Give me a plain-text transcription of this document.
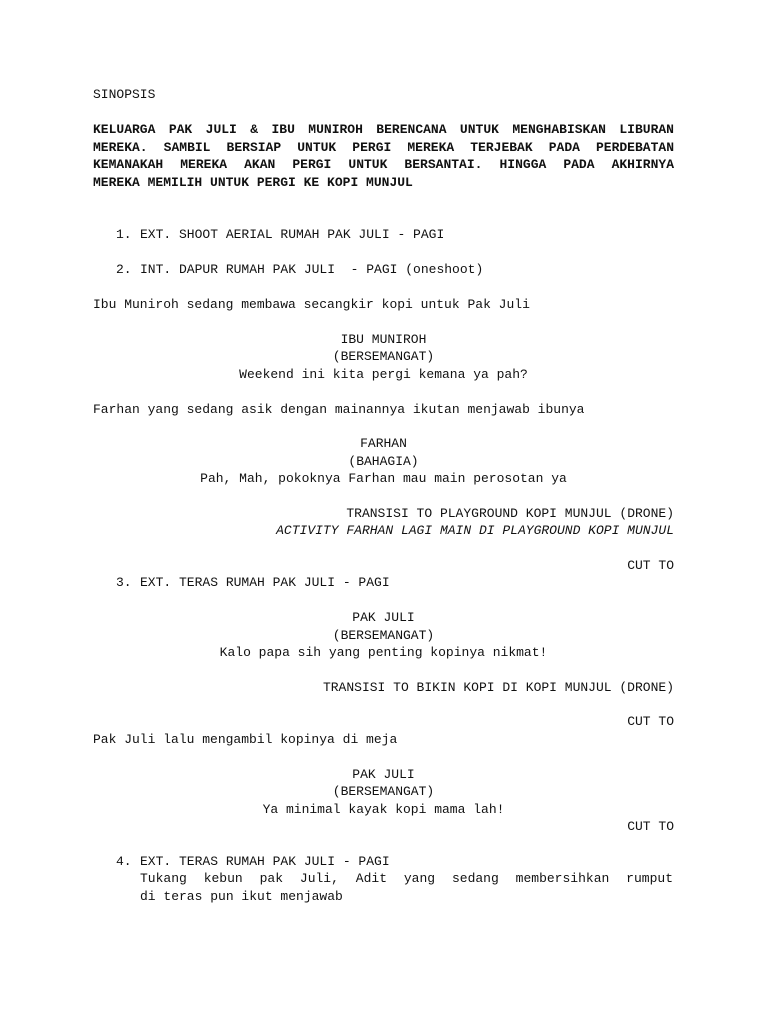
SINOPSIS
KELUARGA PAK JULI & IBU MUNIROH BERENCANA UNTUK MENGHABISKAN LIBURAN
MEREKA. SAMBIL BERSIAP UNTUK PERGI MEREKA TERJEBAK PADA PERDEBATAN
KEMANAKAH MEREKA AKAN PERGI UNTUK BERSANTAI. HINGGA PADA AKHIRNYA
MEREKA MEMILIH UNTUK PERGI KE KOPI MUNJUL
1. EXT. SHOOT AERIAL RUMAH PAK JULI - PAGI
2. INT. DAPUR RUMAH PAK JULI  - PAGI (oneshoot)
Ibu Muniroh sedang membawa secangkir kopi untuk Pak Juli
IBU MUNIROH
(BERSEMANGAT)
Weekend ini kita pergi kemana ya pah?
Farhan yang sedang asik dengan mainannya ikutan menjawab ibunya
FARHAN
(BAHAGIA)
Pah, Mah, pokoknya Farhan mau main perosotan ya
TRANSISI TO PLAYGROUND KOPI MUNJUL (DRONE)
ACTIVITY FARHAN LAGI MAIN DI PLAYGROUND KOPI MUNJUL
CUT TO
3. EXT. TERAS RUMAH PAK JULI - PAGI
PAK JULI
(BERSEMANGAT)
Kalo papa sih yang penting kopinya nikmat!
TRANSISI TO BIKIN KOPI DI KOPI MUNJUL (DRONE)
CUT TO
Pak Juli lalu mengambil kopinya di meja
PAK JULI
(BERSEMANGAT)
Ya minimal kayak kopi mama lah!
CUT TO
4. EXT. TERAS RUMAH PAK JULI - PAGI
Tukang kebun pak Juli, Adit yang sedang membersihkan rumput
di teras pun ikut menjawab
